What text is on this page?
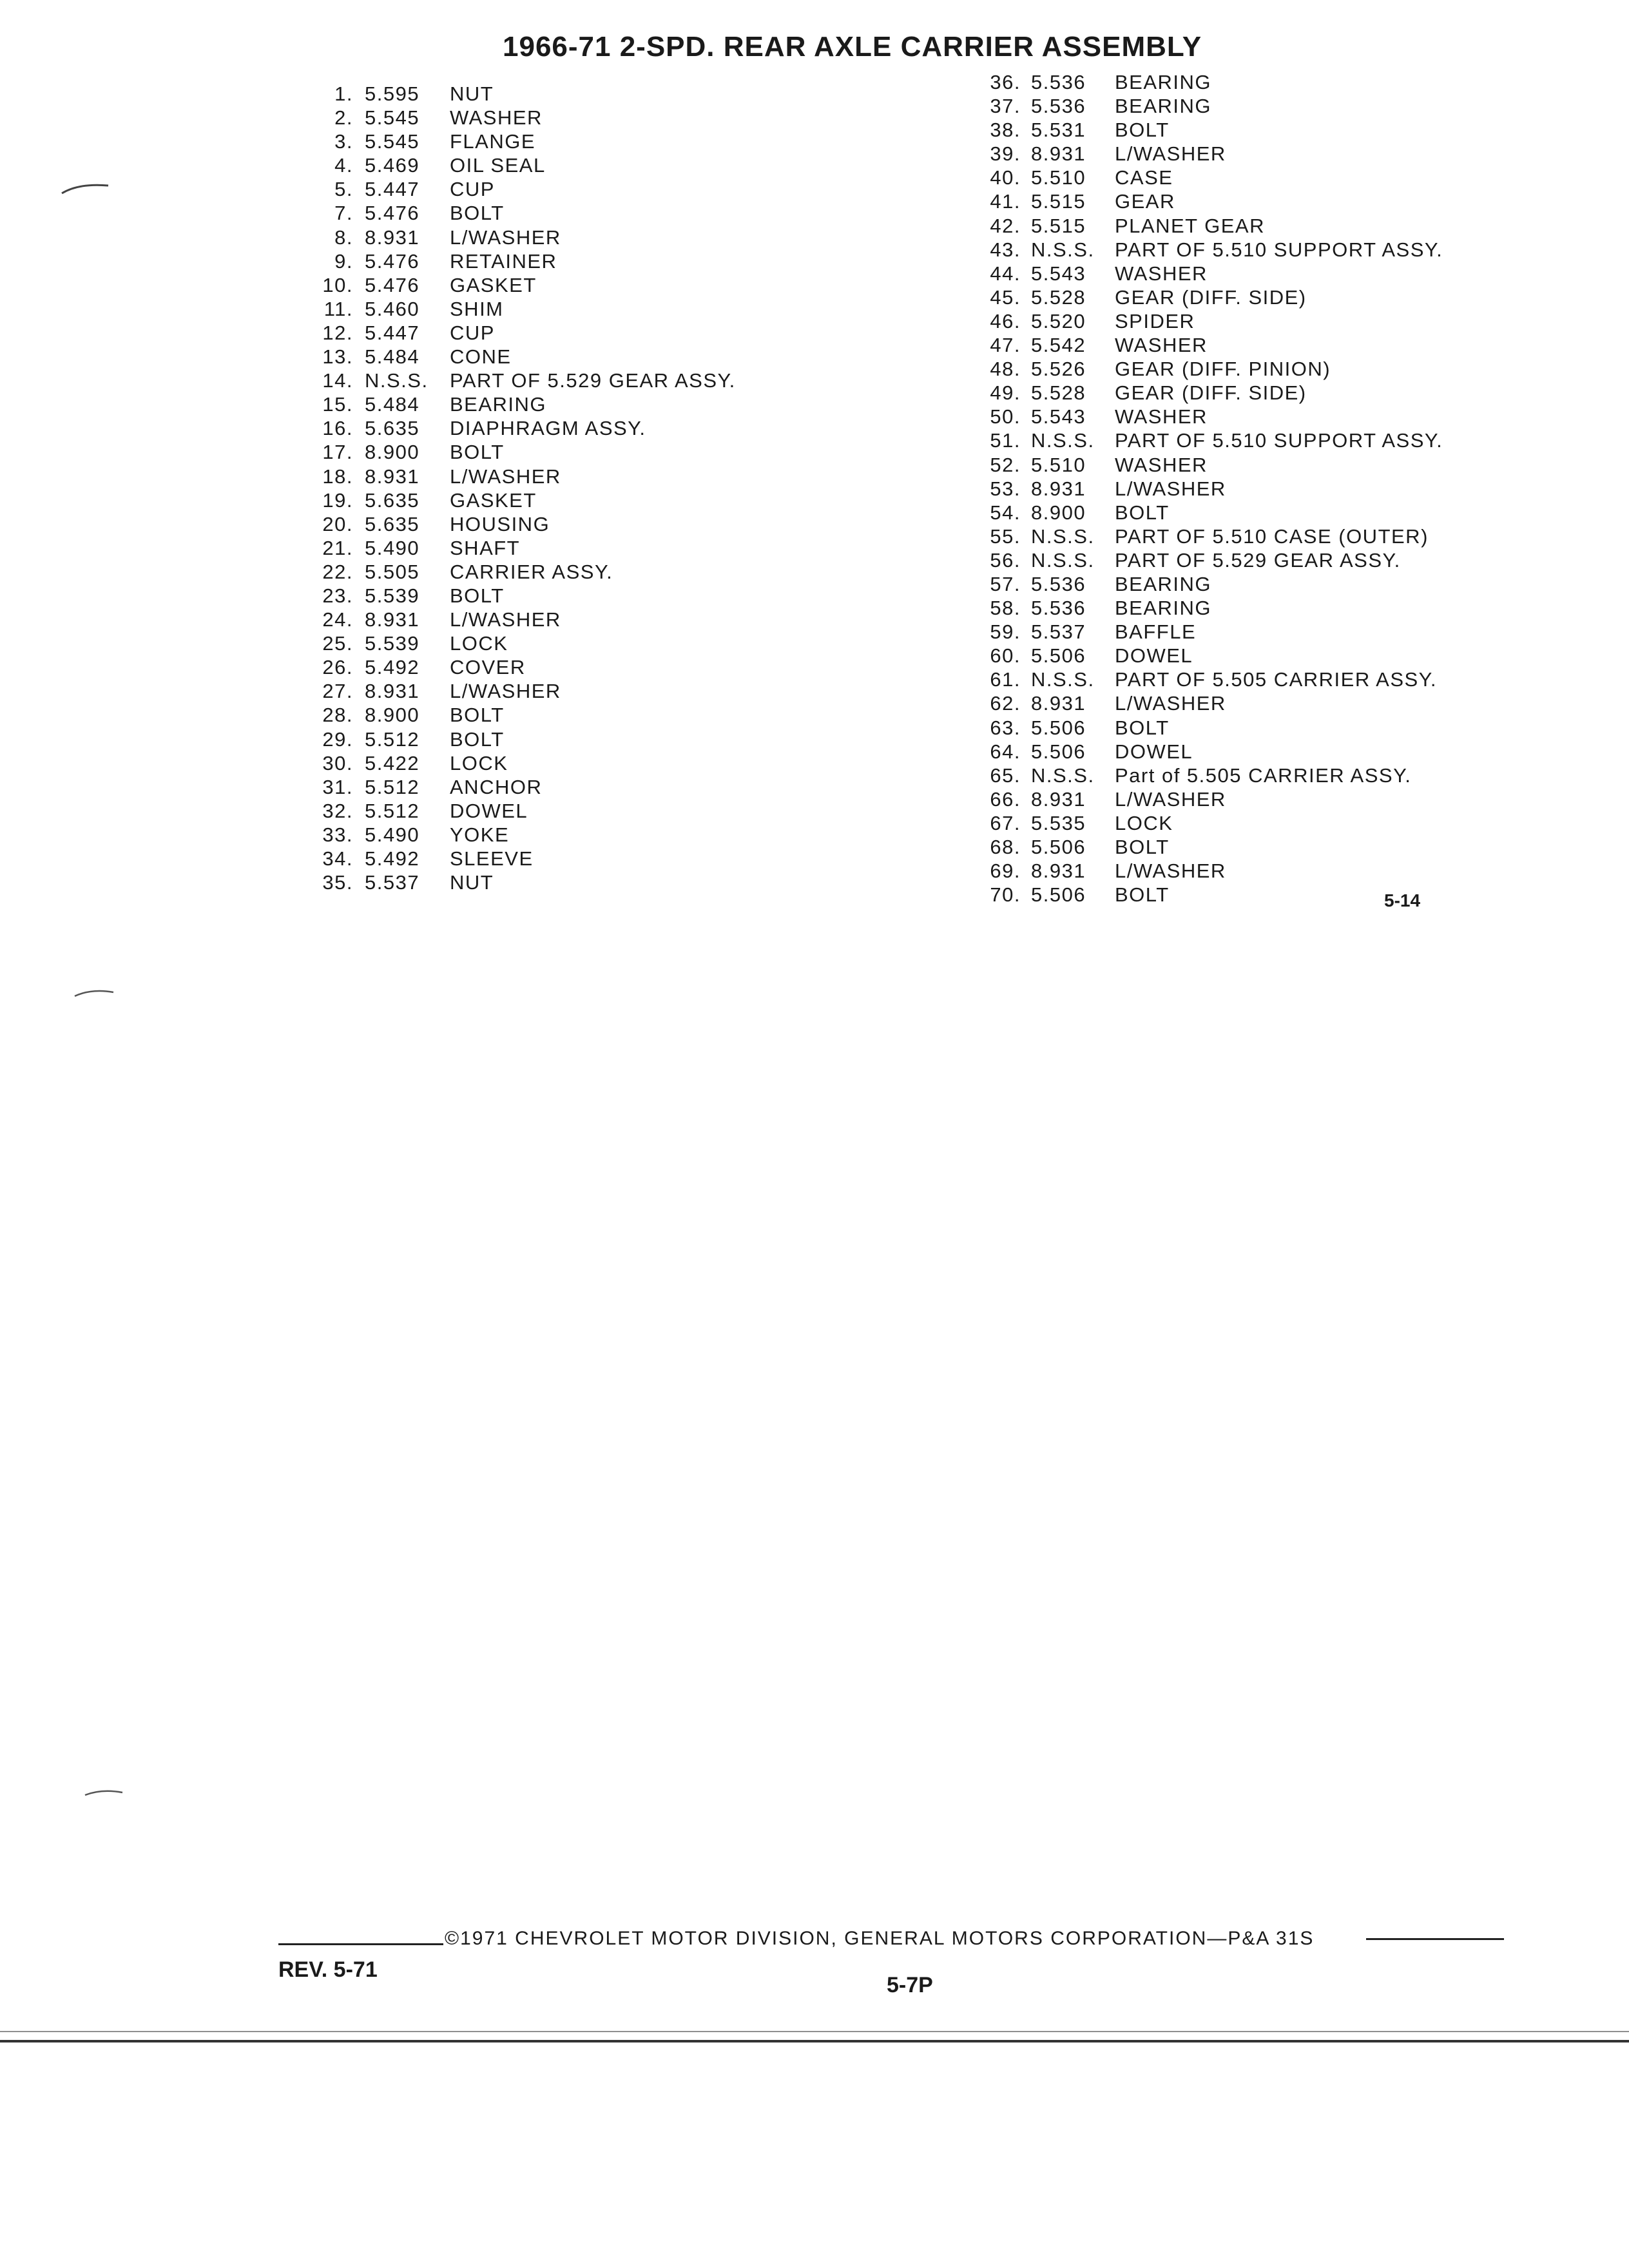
1966-71 2-SPD. REAR AXLE CARRIER ASSEMBLY
1. 5.595 NUT
2. 5.545 WASHER
3. 5.545 FLANGE
4. 5.469 OIL SEAL
5. 5.447 CUP
7. 5.476 BOLT
8. 8.931 L/WASHER
9. 5.476 RETAINER
10. 5.476 GASKET
11. 5.460 SHIM
12. 5.447 CUP
13. 5.484 CONE
14. N.S.S. PART OF 5.529 GEAR ASSY.
15. 5.484 BEARING
16. 5.635 DIAPHRAGM ASSY.
17. 8.900 BOLT
18. 8.931 L/WASHER
19. 5.635 GASKET
20. 5.635 HOUSING
21. 5.490 SHAFT
22. 5.505 CARRIER ASSY.
23. 5.539 BOLT
24. 8.931 L/WASHER
25. 5.539 LOCK
26. 5.492 COVER
27. 8.931 L/WASHER
28. 8.900 BOLT
29. 5.512 BOLT
30. 5.422 LOCK
31. 5.512 ANCHOR
32. 5.512 DOWEL
33. 5.490 YOKE
34. 5.492 SLEEVE
35. 5.537 NUT
36. 5.536 BEARING
37. 5.536 BEARING
38. 5.531 BOLT
39. 8.931 L/WASHER
40. 5.510 CASE
41. 5.515 GEAR
42. 5.515 PLANET GEAR
43. N.S.S. PART OF 5.510 SUPPORT ASSY.
44. 5.543 WASHER
45. 5.528 GEAR (DIFF. SIDE)
46. 5.520 SPIDER
47. 5.542 WASHER
48. 5.526 GEAR (DIFF. PINION)
49. 5.528 GEAR (DIFF. SIDE)
50. 5.543 WASHER
51. N.S.S. PART OF 5.510 SUPPORT ASSY.
52. 5.510 WASHER
53. 8.931 L/WASHER
54. 8.900 BOLT
55. N.S.S. PART OF 5.510 CASE (OUTER)
56. N.S.S. PART OF 5.529 GEAR ASSY.
57. 5.536 BEARING
58. 5.536 BEARING
59. 5.537 BAFFLE
60. 5.506 DOWEL
61. N.S.S. PART OF 5.505 CARRIER ASSY.
62. 8.931 L/WASHER
63. 5.506 BOLT
64. 5.506 DOWEL
65. N.S.S. Part of 5.505 CARRIER ASSY.
66. 8.931 L/WASHER
67. 5.535 LOCK
68. 5.506 BOLT
69. 8.931 L/WASHER
70. 5.506 BOLT	5-14
©1971 CHEVROLET MOTOR DIVISION, GENERAL MOTORS CORPORATION—P&A 31S
REV. 5-71
5-7P
